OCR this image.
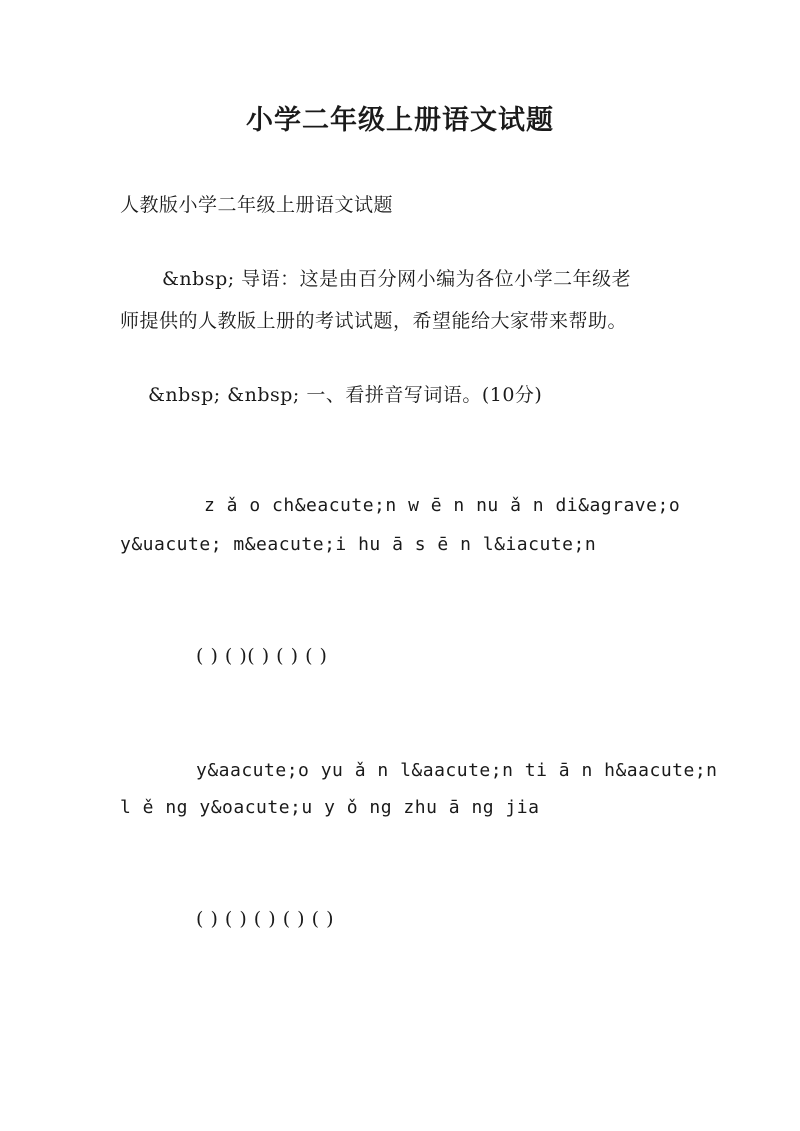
小学二年级上册语文试题
人教版小学二年级上册语文试题
&nbsp; 导语：这是由百分网小编为各位小学二年级老
师提供的人教版上册的考试试题，希望能给大家带来帮助。
&nbsp; &nbsp; 一、看拼音写词语。(10分)
z ǎ o ch&eacute;n w ē n nu ǎ n di&agrave;o
y&uacute; m&eacute;i hu ā s ē n l&iacute;n
( ) ( )( ) ( ) ( )
y&aacute;o yu ǎ n l&aacute;n ti ā n h&aacute;n
l ě ng y&oacute;u y ǒ ng zhu ā ng jia
( ) ( ) ( ) ( ) ( )
